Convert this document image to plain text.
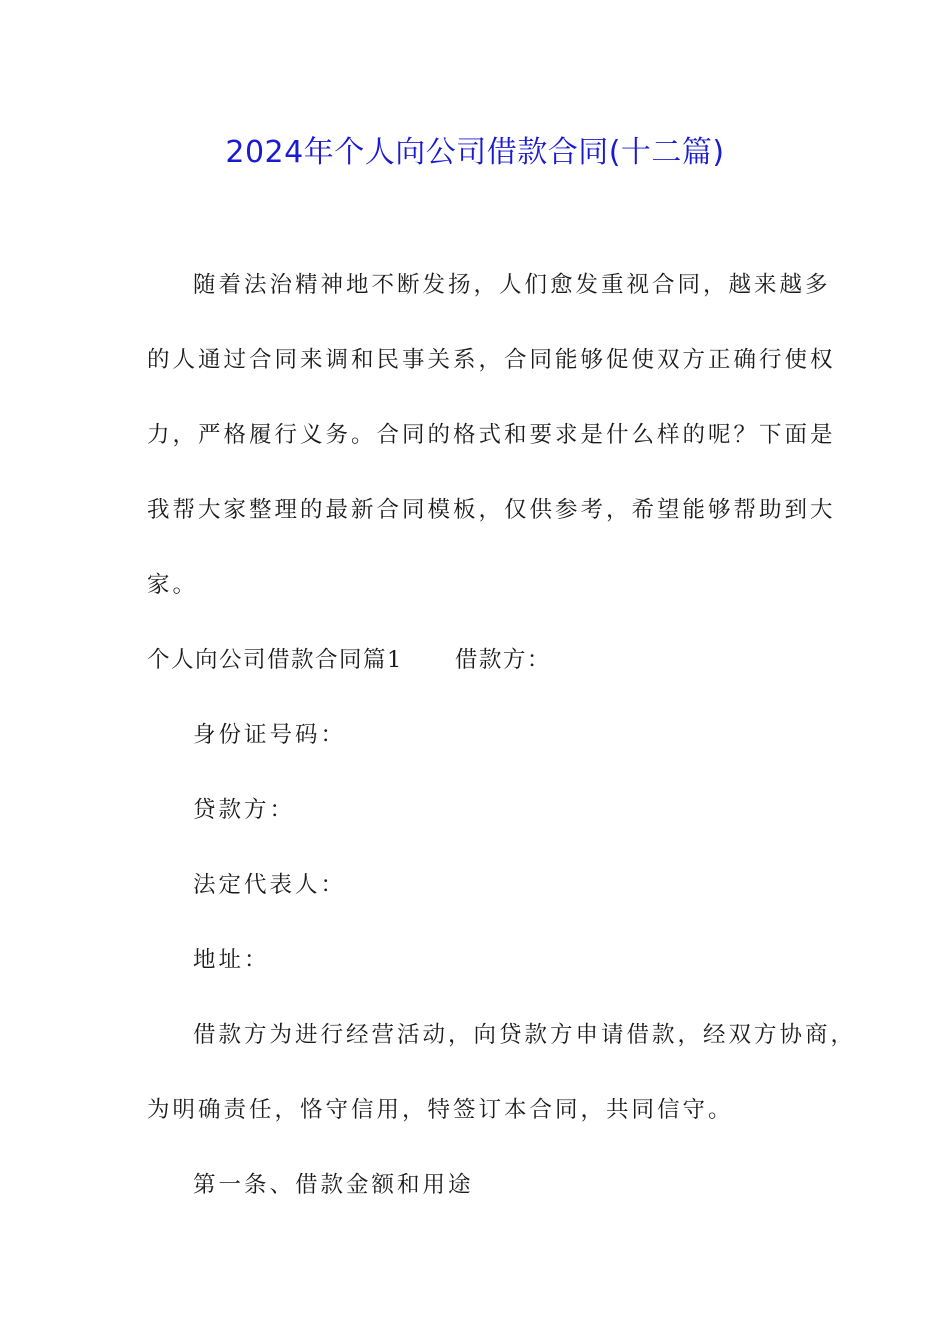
2024年个人向公司借款合同(十二篇)
随着法治精神地不断发扬，人们愈发重视合同，越来越多
的人通过合同来调和民事关系，合同能够促使双方正确行使权
力，严格履行义务。合同的格式和要求是什么样的呢？下面是
我帮大家整理的最新合同模板，仅供参考，希望能够帮助到大
家。
个人向公司借款合同篇1 借款方：
身份证号码：
贷款方：
法定代表人：
地址：
借款方为进行经营活动，向贷款方申请借款，经双方协商，
为明确责任，恪守信用，特签订本合同，共同信守。
第一条、借款金额和用途
